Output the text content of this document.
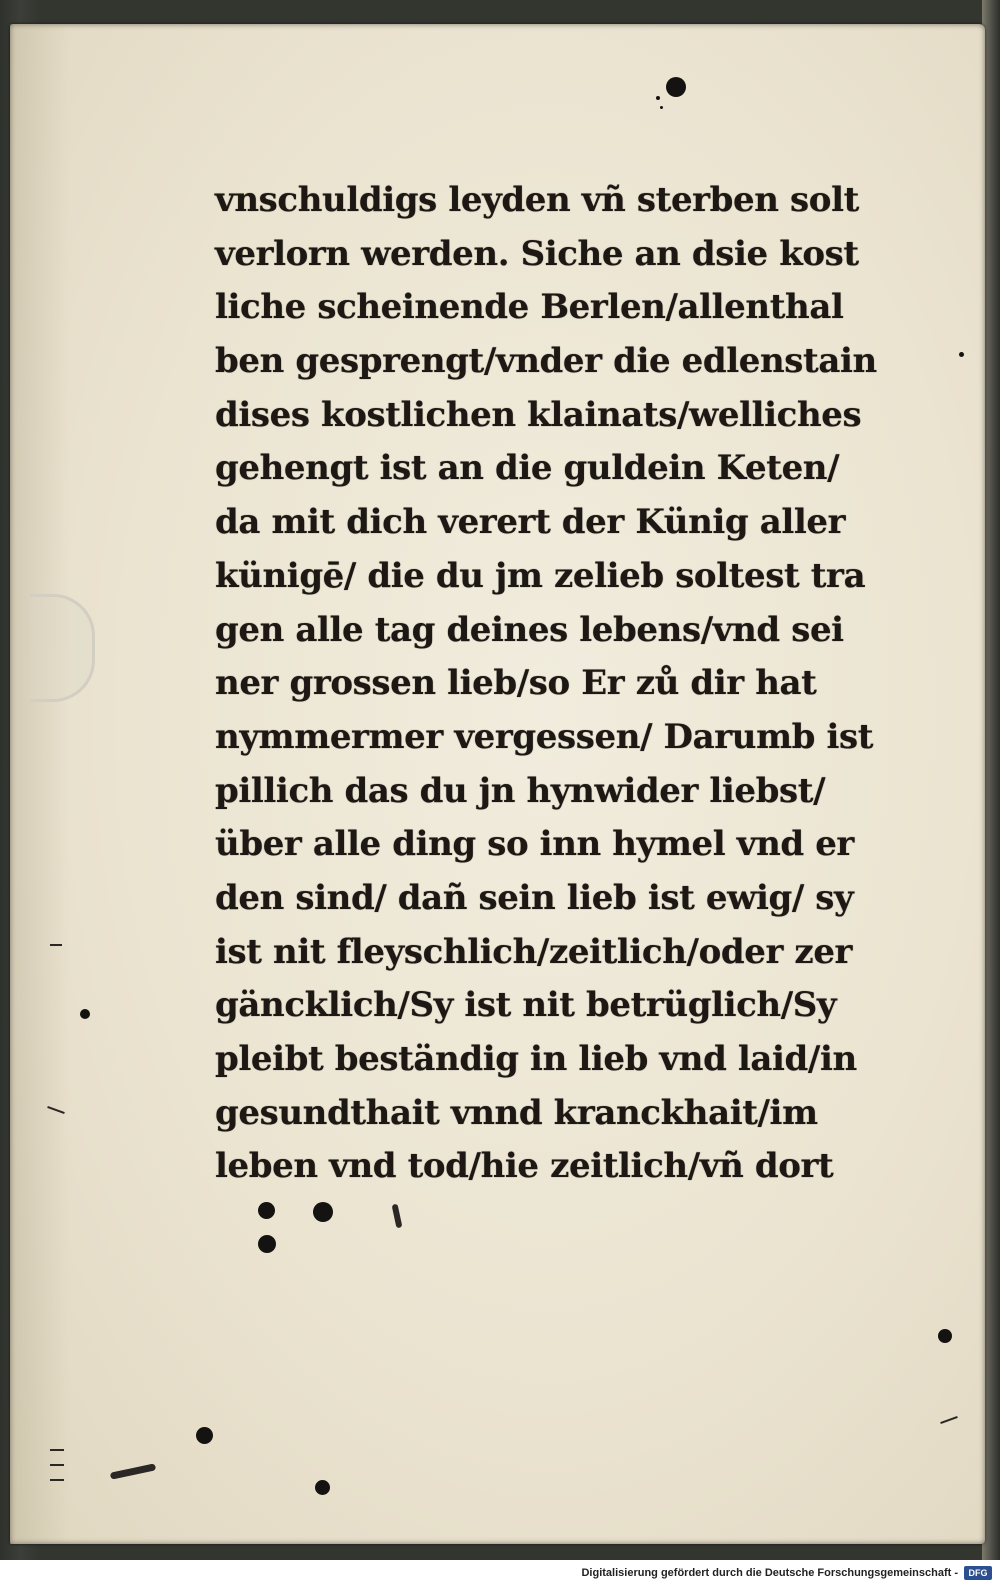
vnschuldigs leyden vñ sterben solt
verlorn werden. Siche an dsie kost
liche scheinende Berlen/allenthal
ben gesprengt/vnder die edlenstain
dises kostlichen klainats/welliches
gehengt ist an die guldein Keten/
da mit dich verert der Künig aller
künigē/ die du jm zelieb soltest tra
gen alle tag deines lebens/vnd sei
ner grossen lieb/so Er zů dir hat
nymmermer vergessen/ Darumb ist
pillich das du jn hynwider liebst/
über alle ding so inn hymel vnd er
den sind/ dañ sein lieb ist ewig/ sy
ist nit fleyschlich/zeitlich/oder zer
gäncklich/Sy ist nit betrüglich/Sy
pleibt beständig in lieb vnd laid/in
gesundthait vnnd kranckhait/im
leben vnd tod/hie zeitlich/vñ dort
Digitalisierung gefördert durch die Deutsche Forschungsgemeinschaft -	DFG
